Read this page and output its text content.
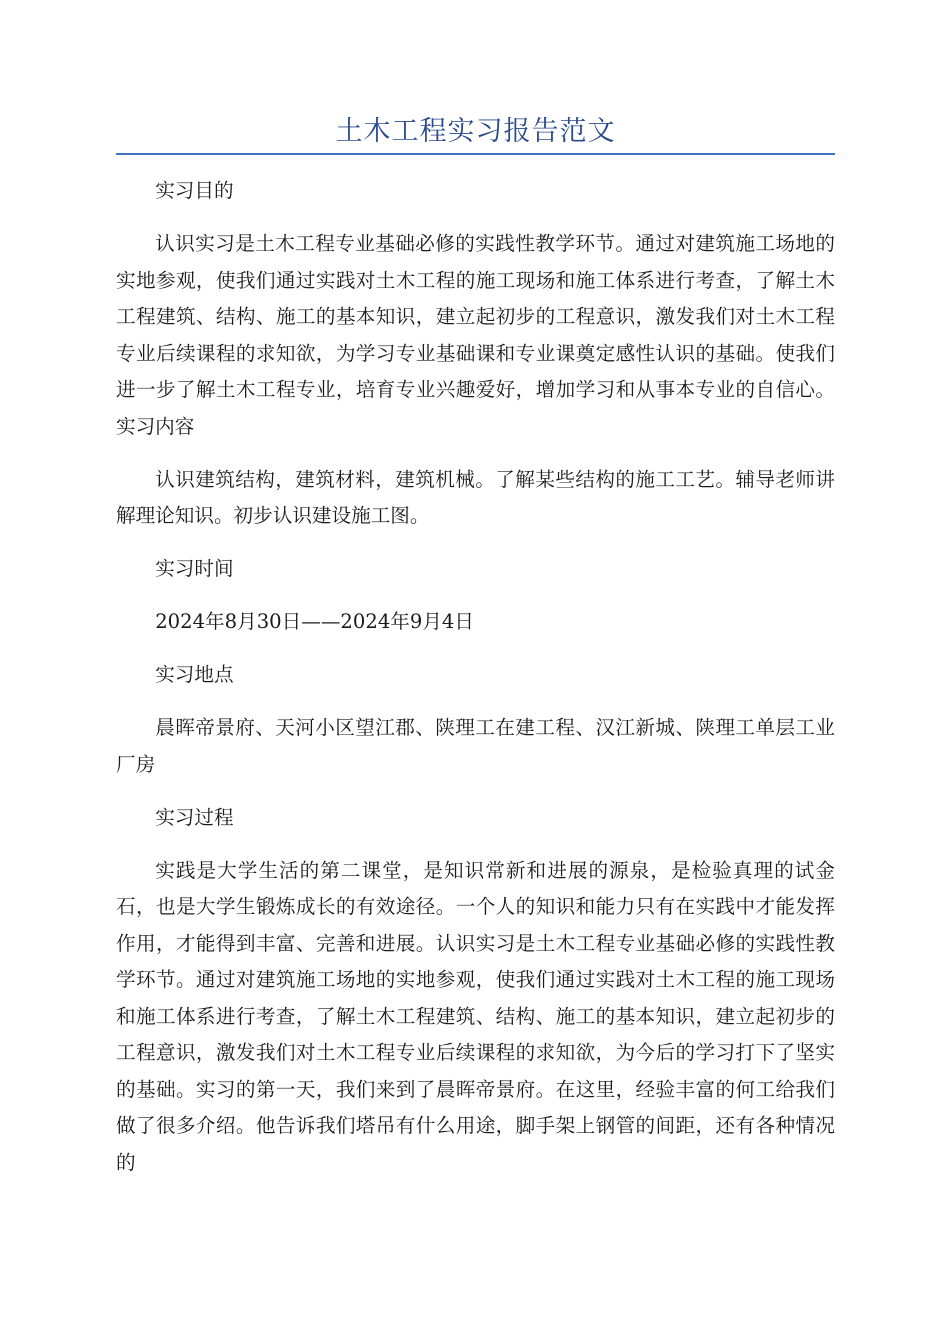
土木工程实习报告范文

实习目的

认识实习是土木工程专业基础必修的实践性教学环节。通过对建筑施工场地的实地参观，使我们通过实践对土木工程的施工现场和施工体系进行考查，了解土木工程建筑、结构、施工的基本知识，建立起初步的工程意识，激发我们对土木工程专业后续课程的求知欲，为学习专业基础课和专业课奠定感性认识的基础。使我们进一步了解土木工程专业，培育专业兴趣爱好，增加学习和从事本专业的自信心。实习内容

认识建筑结构，建筑材料，建筑机械。了解某些结构的施工工艺。辅导老师讲解理论知识。初步认识建设施工图。

实习时间

2024年8月30日——2024年9月4日

实习地点

晨晖帝景府、天河小区望江郡、陕理工在建工程、汉江新城、陕理工单层工业厂房

实习过程

实践是大学生活的第二课堂，是知识常新和进展的源泉，是检验真理的试金石，也是大学生锻炼成长的有效途径。一个人的知识和能力只有在实践中才能发挥作用，才能得到丰富、完善和进展。认识实习是土木工程专业基础必修的实践性教学环节。通过对建筑施工场地的实地参观，使我们通过实践对土木工程的施工现场和施工体系进行考查，了解土木工程建筑、结构、施工的基本知识，建立起初步的工程意识，激发我们对土木工程专业后续课程的求知欲，为今后的学习打下了坚实的基础。实习的第一天，我们来到了晨晖帝景府。在这里，经验丰富的何工给我们做了很多介绍。他告诉我们塔吊有什么用途，脚手架上钢管的间距，还有各种情况的
